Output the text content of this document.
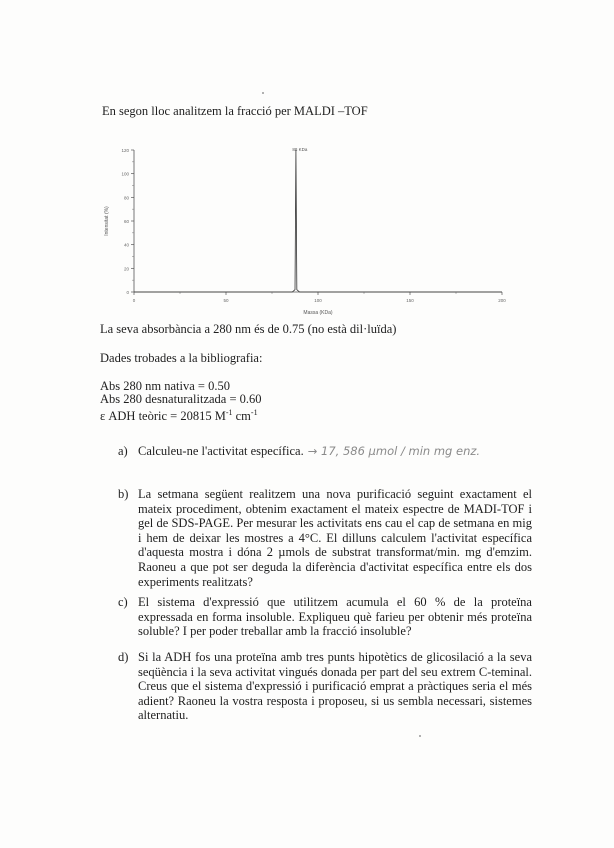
En segon lloc analitzem la fracció per MALDI –TOF
0
20
40
60
80
100
120
0	50	100	150	200
Massa (KDa)
Intensitat (%)
88 KDa
La seva absorbància a 280 nm és de 0.75 (no està dil·luïda)
Dades trobades a la bibliografia:
Abs 280 nm nativa = 0.50
Abs 280 desnaturalitzada = 0.60
ε ADH teòric = 20815 $M^{-1}$ $cm^{-1}$
a) Calculeu-ne l'activitat específica. → 17, 586 µmol / min mg enz.
b) La setmana següent realitzem una nova purificació seguint exactament el mateix procediment, obtenim exactament el mateix espectre de MADI-TOF i gel de SDS-PAGE. Per mesurar les activitats ens cau el cap de setmana en mig i hem de deixar les mostres a 4°C. El dilluns calculem l'activitat específica d'aquesta mostra i dóna 2 µmols de substrat transformat/min. mg d'emzim. Raoneu a que pot ser deguda la diferència d'activitat específica entre els dos experiments realitzats?
c) El sistema d'expressió que utilitzem acumula el 60 % de la proteïna expressada en forma insoluble. Expliqueu què farieu per obtenir més proteïna soluble? I per poder treballar amb la fracció insoluble?
d) Si la ADH fos una proteïna amb tres punts hipotètics de glicosilació a la seva seqüència i la seva activitat vingués donada per part del seu extrem C-teminal. Creus que el sistema d'expressió i purificació emprat a pràctiques seria el més adient? Raoneu la vostra resposta i proposeu, si us sembla necessari, sistemes alternatiu.
